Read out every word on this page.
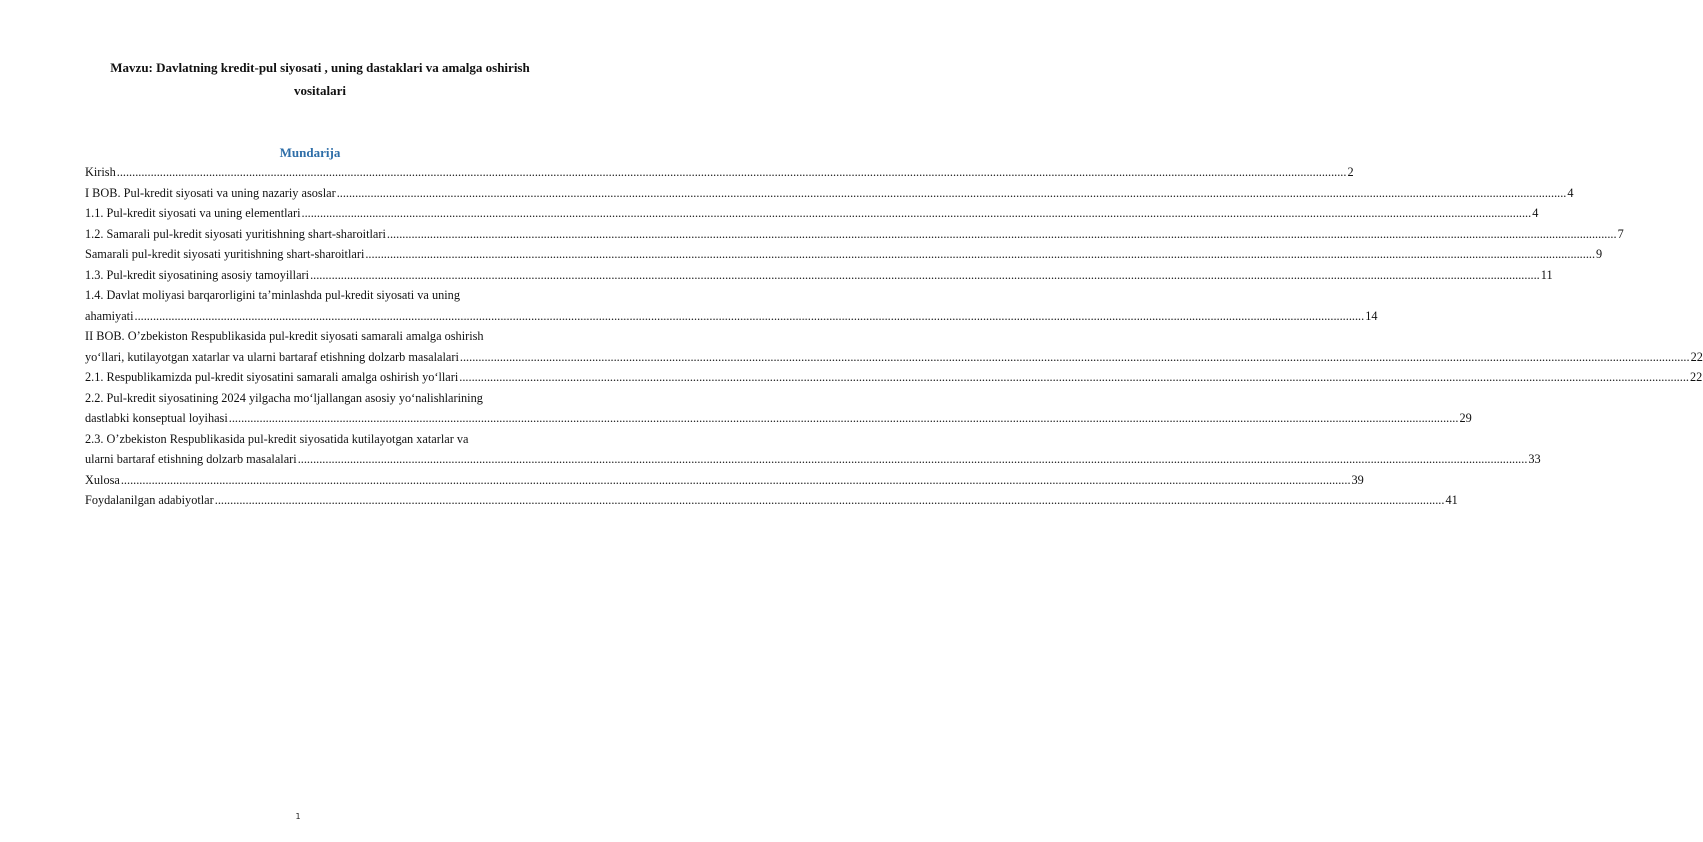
Mavzu: Davlatning kredit-pul siyosati , uning dastaklari va amalga oshirish
vositalari
Mundarija
Kirish ................................................................................................................................................................................................................................................................................................................................................................................................................ 2
I BOB. Pul-kredit siyosati va uning nazariy asoslar ................................................................................................................................................................................................................................................................................................................................................................................................................ 4
1.1. Pul-kredit siyosati va uning elementlari ................................................................................................................................................................................................................................................................................................................................................................................................................ 4
1.2. Samarali pul-kredit siyosati yuritishning shart-sharoitlari ................................................................................................................................................................................................................................................................................................................................................................................................................ 7
Samarali pul-kredit siyosati yuritishning shart-sharoitlari ................................................................................................................................................................................................................................................................................................................................................................................................................ 9
1.3. Pul-kredit siyosatining asosiy tamoyillari ................................................................................................................................................................................................................................................................................................................................................................................................................ 11
1.4. Davlat moliyasi barqarorligini ta’minlashda pul-kredit siyosati va uning
ahamiyati ................................................................................................................................................................................................................................................................................................................................................................................................................ 14
II BOB. O’zbekiston Respublikasida pul-kredit siyosati samarali amalga oshirish
yo‘llari, kutilayotgan xatarlar va ularni bartaraf etishning dolzarb masalalari ................................................................................................................................................................................................................................................................................................................................................................................................................ 22
2.1. Respublikamizda pul-kredit siyosatini samarali amalga oshirish yo‘llari ................................................................................................................................................................................................................................................................................................................................................................................................................ 22
2.2. Pul-kredit siyosatining 2024 yilgacha mo‘ljallangan asosiy yo‘nalishlarining
dastlabki konseptual loyihasi ................................................................................................................................................................................................................................................................................................................................................................................................................ 29
2.3. O’zbekiston Respublikasida pul-kredit siyosatida kutilayotgan xatarlar va
ularni bartaraf etishning dolzarb masalalari ................................................................................................................................................................................................................................................................................................................................................................................................................ 33
Xulosa ................................................................................................................................................................................................................................................................................................................................................................................................................ 39
Foydalanilgan adabiyotlar ................................................................................................................................................................................................................................................................................................................................................................................................................ 41
1
